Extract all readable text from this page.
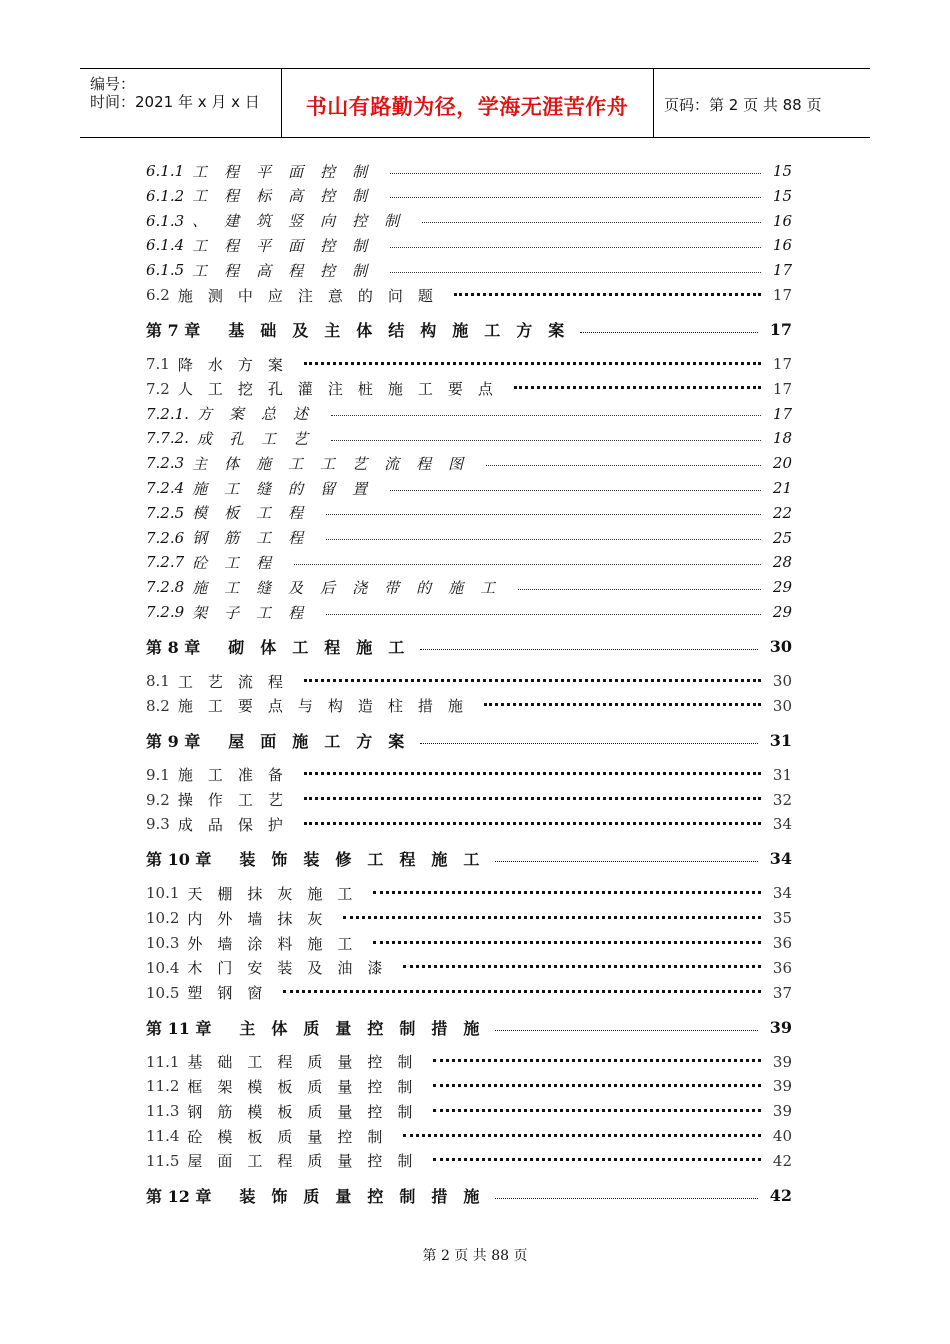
编号：
时间：2021 年 x 月 x 日	书山有路勤为径，学海无涯苦作舟	页码：第 2 页 共 88 页
6.1.1 工程平面控制	15
6.1.2 工程标高控制	15
6.1.3 、建筑竖向控制	16
6.1.4 工程平面控制	16
6.1.5 工程高程控制	17
6.2 施测中应注意的问题	17
第 7 章 基础及主体结构施工方案	17
7.1 降水方案	17
7.2 人工挖孔灌注桩施工要点	17
7.2.1. 方案总述	17
7.7.2. 成孔工艺	18
7.2.3 主体施工工艺流程图	20
7.2.4 施工缝的留置	21
7.2.5 模板工程	22
7.2.6 钢筋工程	25
7.2.7 砼工程	28
7.2.8 施工缝及后浇带的施工	29
7.2.9 架子工程	29
第 8 章 砌体工程施工	30
8.1 工艺流程	30
8.2 施工要点与构造柱措施	30
第 9 章 屋面施工方案	31
9.1 施工准备	31
9.2 操作工艺	32
9.3 成品保护	34
第 10 章 装饰装修工程施工	34
10.1 天棚抹灰施工	34
10.2 内外墙抹灰	35
10.3 外墙涂料施工	36
10.4 木门安装及油漆	36
10.5 塑钢窗	37
第 11 章 主体质量控制措施	39
11.1 基础工程质量控制	39
11.2 框架模板质量控制	39
11.3 钢筋模板质量控制	39
11.4 砼模板质量控制	40
11.5 屋面工程质量控制	42
第 12 章 装饰质量控制措施	42
第 2 页 共 88 页
